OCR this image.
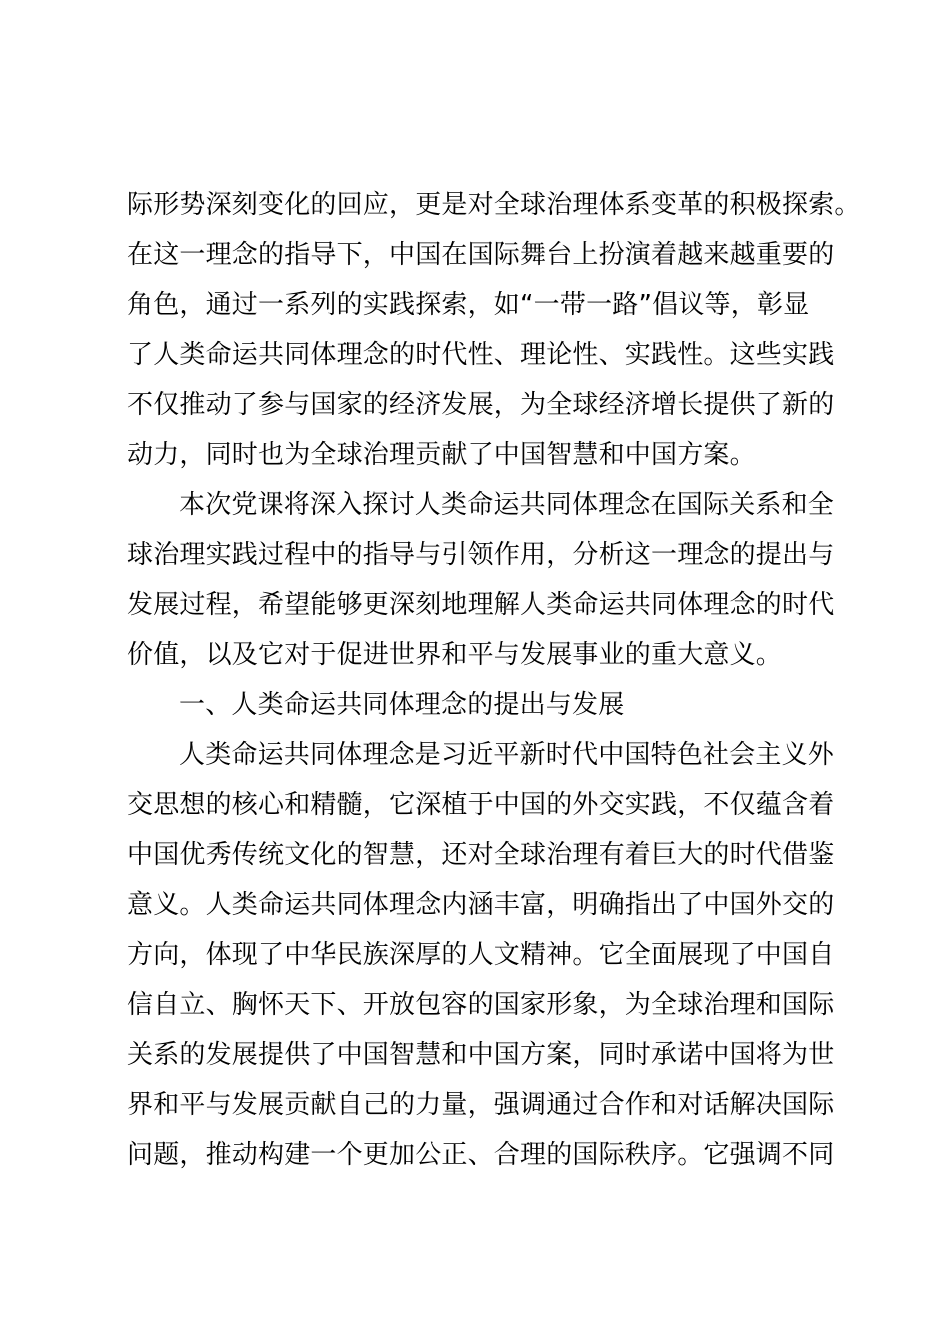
际形势深刻变化的回应，更是对全球治理体系变革的积极探索。
在这一理念的指导下，中国在国际舞台上扮演着越来越重要的
角色，通过一系列的实践探索，如“一带一路”倡议等，彰显
了人类命运共同体理念的时代性、理论性、实践性。这些实践
不仅推动了参与国家的经济发展，为全球经济增长提供了新的
动力，同时也为全球治理贡献了中国智慧和中国方案。
本次党课将深入探讨人类命运共同体理念在国际关系和全
球治理实践过程中的指导与引领作用，分析这一理念的提出与
发展过程，希望能够更深刻地理解人类命运共同体理念的时代
价值，以及它对于促进世界和平与发展事业的重大意义。
一、人类命运共同体理念的提出与发展
人类命运共同体理念是习近平新时代中国特色社会主义外
交思想的核心和精髓，它深植于中国的外交实践，不仅蕴含着
中国优秀传统文化的智慧，还对全球治理有着巨大的时代借鉴
意义。人类命运共同体理念内涵丰富，明确指出了中国外交的
方向，体现了中华民族深厚的人文精神。它全面展现了中国自
信自立、胸怀天下、开放包容的国家形象，为全球治理和国际
关系的发展提供了中国智慧和中国方案，同时承诺中国将为世
界和平与发展贡献自己的力量，强调通过合作和对话解决国际
问题，推动构建一个更加公正、合理的国际秩序。它强调不同
